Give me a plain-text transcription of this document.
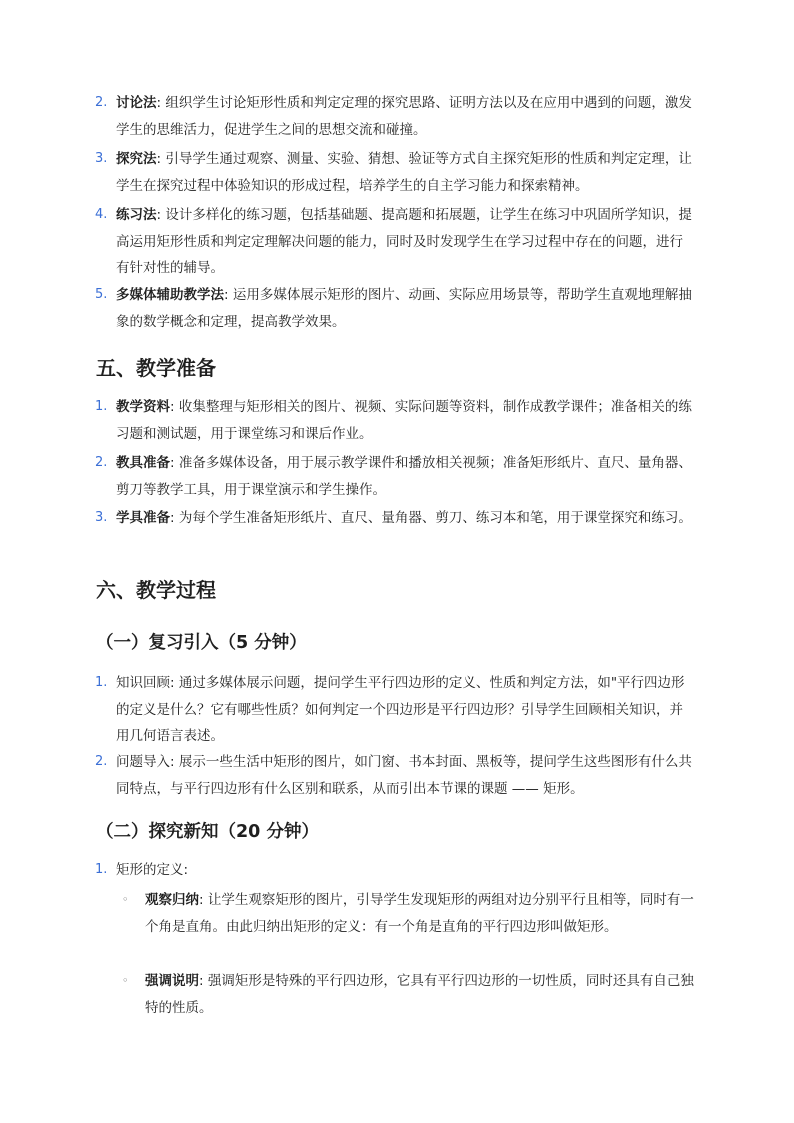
2. 讨论法: 组织学生讨论矩形性质和判定定理的探究思路、证明方法以及在应用中遇到的问题，激发学生的思维活力，促进学生之间的思想交流和碰撞。
3. 探究法: 引导学生通过观察、测量、实验、猜想、验证等方式自主探究矩形的性质和判定定理，让学生在探究过程中体验知识的形成过程，培养学生的自主学习能力和探索精神。
4. 练习法: 设计多样化的练习题，包括基础题、提高题和拓展题，让学生在练习中巩固所学知识，提高运用矩形性质和判定定理解决问题的能力，同时及时发现学生在学习过程中存在的问题，进行有针对性的辅导。
5. 多媒体辅助教学法: 运用多媒体展示矩形的图片、动画、实际应用场景等，帮助学生直观地理解抽象的数学概念和定理，提高教学效果。
五、教学准备
1. 教学资料: 收集整理与矩形相关的图片、视频、实际问题等资料，制作成教学课件；准备相关的练习题和测试题，用于课堂练习和课后作业。
2. 教具准备: 准备多媒体设备，用于展示教学课件和播放相关视频；准备矩形纸片、直尺、量角器、剪刀等教学工具，用于课堂演示和学生操作。
3. 学具准备: 为每个学生准备矩形纸片、直尺、量角器、剪刀、练习本和笔，用于课堂探究和练习。
六、教学过程
（一）复习引入（5 分钟）
1. 知识回顾: 通过多媒体展示问题，提问学生平行四边形的定义、性质和判定方法，如"平行四边形的定义是什么？它有哪些性质？如何判定一个四边形是平行四边形？引导学生回顾相关知识，并用几何语言表述。
2. 问题导入: 展示一些生活中矩形的图片，如门窗、书本封面、黑板等，提问学生这些图形有什么共同特点，与平行四边形有什么区别和联系，从而引出本节课的课题 —— 矩形。
（二）探究新知（20 分钟）
1. 矩形的定义:
◦ 观察归纳: 让学生观察矩形的图片，引导学生发现矩形的两组对边分别平行且相等，同时有一个角是直角。由此归纳出矩形的定义：有一个角是直角的平行四边形叫做矩形。
◦ 强调说明: 强调矩形是特殊的平行四边形，它具有平行四边形的一切性质，同时还具有自己独特的性质。
